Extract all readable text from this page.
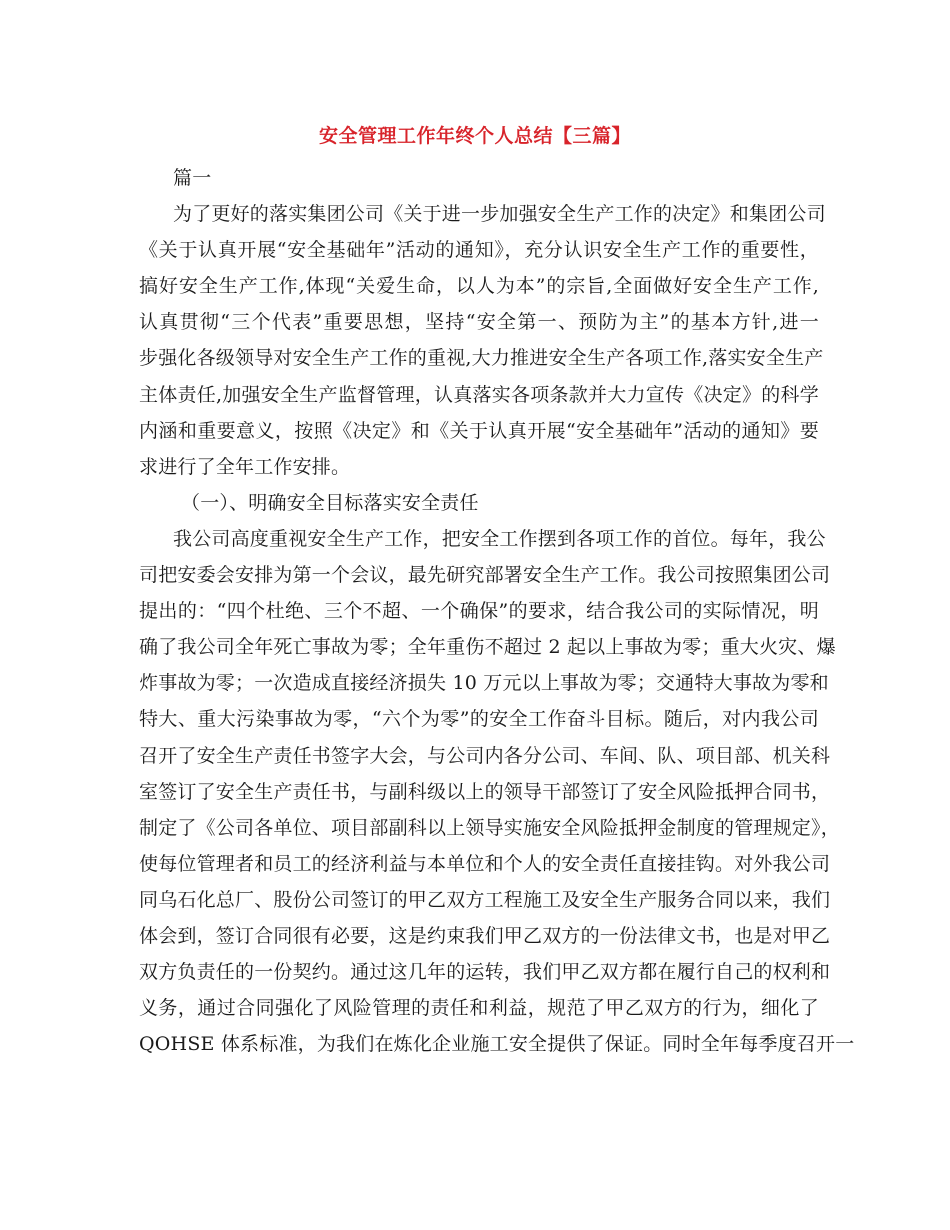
安全管理工作年终个人总结【三篇】
篇一
为了更好的落实集团公司《关于进一步加强安全生产工作的决定》和集团公司
《关于认真开展“安全基础年”活动的通知》，充分认识安全生产工作的重要性，
搞好安全生产工作,体现“关爱生命，以人为本”的宗旨,全面做好安全生产工作,
认真贯彻“三个代表”重要思想，坚持“安全第一、预防为主”的基本方针,进一
步强化各级领导对安全生产工作的重视,大力推进安全生产各项工作,落实安全生产
主体责任,加强安全生产监督管理，认真落实各项条款并大力宣传《决定》的科学
内涵和重要意义，按照《决定》和《关于认真开展“安全基础年”活动的通知》要
求进行了全年工作安排。
（一）、明确安全目标落实安全责任
我公司高度重视安全生产工作，把安全工作摆到各项工作的首位。每年，我公
司把安委会安排为第一个会议，最先研究部署安全生产工作。我公司按照集团公司
提出的：“四个杜绝、三个不超、一个确保”的要求，结合我公司的实际情况，明
确了我公司全年死亡事故为零；全年重伤不超过 2 起以上事故为零；重大火灾、爆
炸事故为零；一次造成直接经济损失 10 万元以上事故为零；交通特大事故为零和
特大、重大污染事故为零，“六个为零”的安全工作奋斗目标。随后，对内我公司
召开了安全生产责任书签字大会，与公司内各分公司、车间、队、项目部、机关科
室签订了安全生产责任书，与副科级以上的领导干部签订了安全风险抵押合同书，
制定了《公司各单位、项目部副科以上领导实施安全风险抵押金制度的管理规定》，
使每位管理者和员工的经济利益与本单位和个人的安全责任直接挂钩。对外我公司
同乌石化总厂、股份公司签订的甲乙双方工程施工及安全生产服务合同以来，我们
体会到，签订合同很有必要，这是约束我们甲乙双方的一份法律文书，也是对甲乙
双方负责任的一份契约。通过这几年的运转，我们甲乙双方都在履行自己的权利和
义务，通过合同强化了风险管理的责任和利益，规范了甲乙双方的行为，细化了
QOHSE 体系标准，为我们在炼化企业施工安全提供了保证。同时全年每季度召开一
